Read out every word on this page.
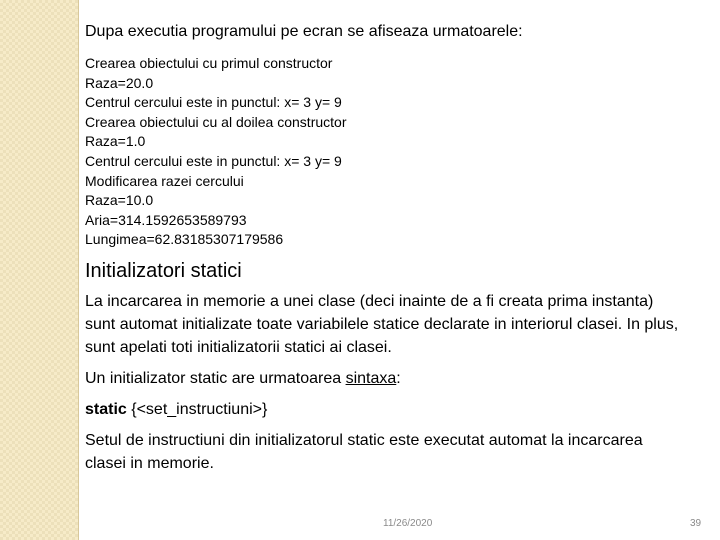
Dupa executia programului pe ecran se afiseaza urmatoarele:
Crearea obiectului cu primul constructor
Raza=20.0
Centrul cercului este in punctul: x= 3 y= 9
Crearea obiectului cu al doilea constructor
Raza=1.0
Centrul cercului este in punctul: x= 3 y= 9
Modificarea razei cercului
Raza=10.0
Aria=314.1592653589793
Lungimea=62.83185307179586
Initializatori statici
La incarcarea in memorie a unei clase (deci inainte de a fi creata prima instanta) sunt automat initializate toate variabilele statice declarate in interiorul clasei. In plus, sunt apelati toti initializatorii statici ai clasei.
Un initializator static are urmatoarea sintaxa:
static {<set_instructiuni>}
Setul de instructiuni din initializatorul static este executat automat la incarcarea clasei in memorie.
11/26/2020	39
